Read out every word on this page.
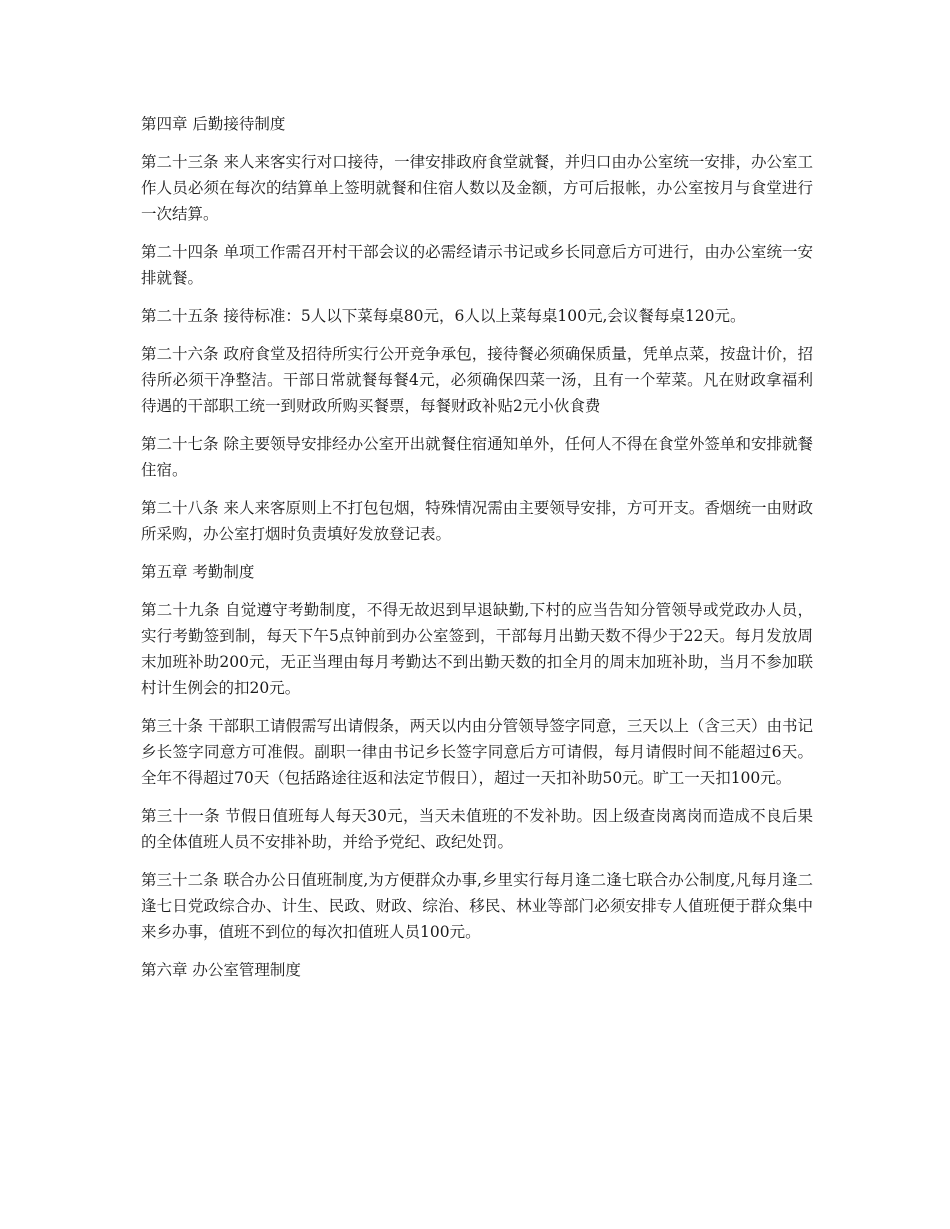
第四章 后勤接待制度

第二十三条 来人来客实行对口接待，一律安排政府食堂就餐，并归口由办公室统一安排，办公室工作人员必须在每次的结算单上签明就餐和住宿人数以及金额，方可后报帐，办公室按月与食堂进行一次结算。

第二十四条 单项工作需召开村干部会议的必需经请示书记或乡长同意后方可进行，由办公室统一安排就餐。

第二十五条 接待标准：5人以下菜每桌80元，6人以上菜每桌100元,会议餐每桌120元。

第二十六条 政府食堂及招待所实行公开竞争承包，接待餐必须确保质量，凭单点菜，按盘计价，招待所必须干净整洁。干部日常就餐每餐4元，必须确保四菜一汤，且有一个荤菜。凡在财政拿福利待遇的干部职工统一到财政所购买餐票，每餐财政补贴2元小伙食费

第二十七条 除主要领导安排经办公室开出就餐住宿通知单外，任何人不得在食堂外签单和安排就餐住宿。

第二十八条 来人来客原则上不打包包烟，特殊情况需由主要领导安排，方可开支。香烟统一由财政所采购，办公室打烟时负责填好发放登记表。

第五章 考勤制度

第二十九条 自觉遵守考勤制度，不得无故迟到早退缺勤,下村的应当告知分管领导或党政办人员，实行考勤签到制，每天下午5点钟前到办公室签到，干部每月出勤天数不得少于22天。每月发放周末加班补助200元，无正当理由每月考勤达不到出勤天数的扣全月的周末加班补助，当月不参加联村计生例会的扣20元。

第三十条 干部职工请假需写出请假条，两天以内由分管领导签字同意，三天以上（含三天）由书记乡长签字同意方可准假。副职一律由书记乡长签字同意后方可请假，每月请假时间不能超过6天。全年不得超过70天（包括路途往返和法定节假日），超过一天扣补助50元。旷工一天扣100元。

第三十一条 节假日值班每人每天30元，当天未值班的不发补助。因上级查岗离岗而造成不良后果的全体值班人员不安排补助，并给予党纪、政纪处罚。

第三十二条 联合办公日值班制度,为方便群众办事,乡里实行每月逢二逢七联合办公制度,凡每月逢二逢七日党政综合办、计生、民政、财政、综治、移民、林业等部门必须安排专人值班便于群众集中来乡办事，值班不到位的每次扣值班人员100元。

第六章 办公室管理制度
